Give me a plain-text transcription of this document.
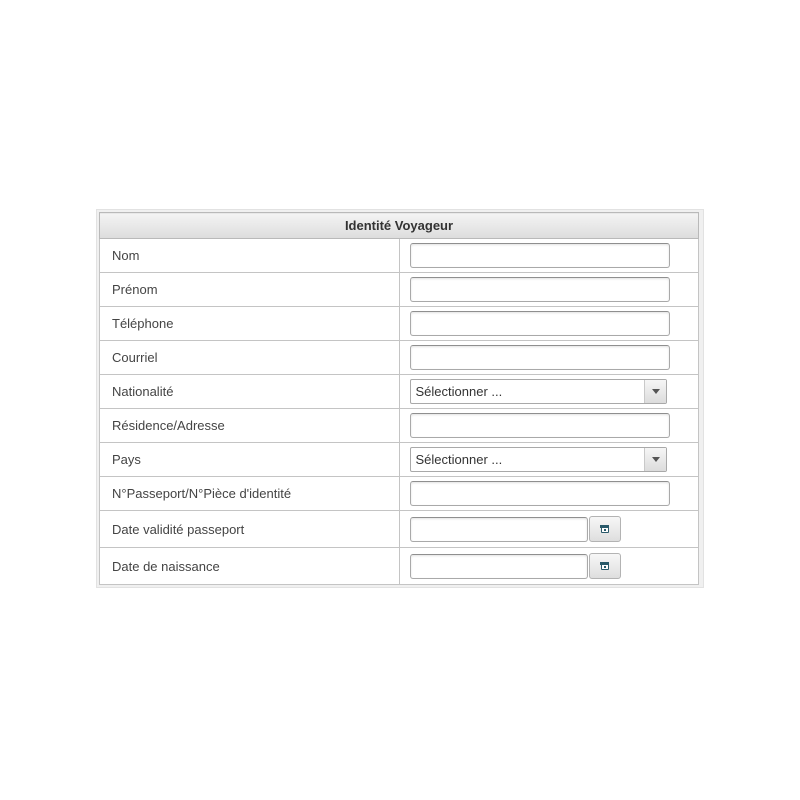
Identité Voyageur	
Nom	

Prénom	

Téléphone	

Courriel	

Nationalité	Sélectionner ...

Résidence/Adresse	

Pays	Sélectionner ...

N°Passeport/N°Pièce d'identité	

Date validité passeport	

Date de naissance	
